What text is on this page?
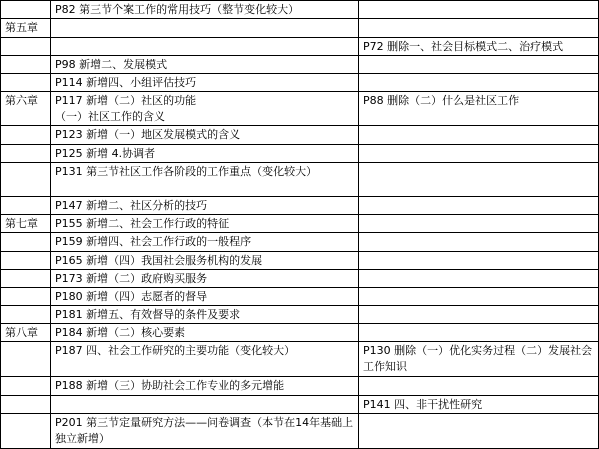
	P82 第三节个案工作的常用技巧（整节变化较大）	
第五章		
		P72 删除一、社会目标模式二、治疗模式
	P98 新增二、发展模式	
	P114 新增四、小组评估技巧	
第六章	P117 新增（二）社区的功能
（一）社区工作的含义	P88 删除（二）什么是社区工作
	P123 新增（一）地区发展模式的含义	
	P125 新增 4.协调者	
	P131 第三节社区工作各阶段的工作重点（变化较大）	
	P147 新增二、社区分析的技巧	
第七章	P155 新增二、社会工作行政的特征	
	P159 新增四、社会工作行政的一般程序	
	P165 新增（四）我国社会服务机构的发展	
	P173 新增（二）政府购买服务	
	P180 新增（四）志愿者的督导	
	P181 新增五、有效督导的条件及要求	
第八章	P184 新增（二）核心要素	
	P187 四、社会工作研究的主要功能（变化较大）	P130 删除（一）优化实务过程（二）发展社会工作知识
	P188 新增（三）协助社会工作专业的多元增能	
		P141 四、非干扰性研究
	P201 第三节定量研究方法——问卷调查（本节在14年基础上独立新增）	
